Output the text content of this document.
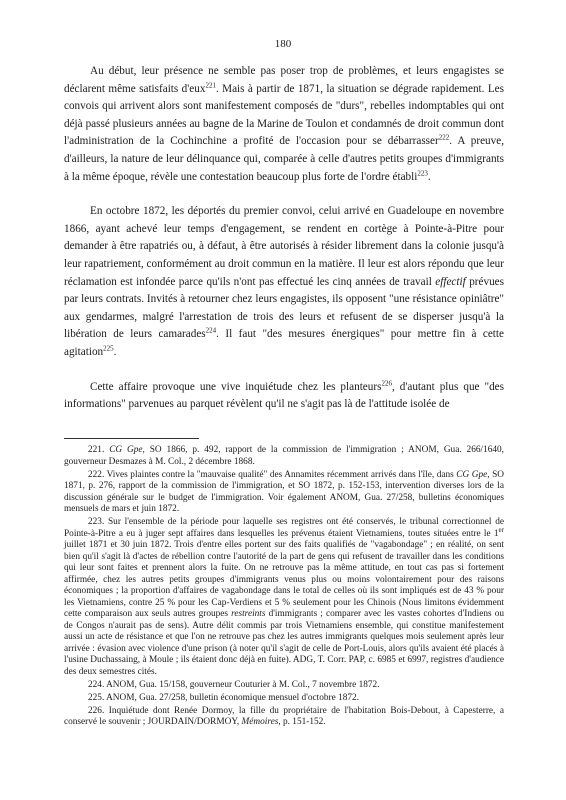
180

Au début, leur présence ne semble pas poser trop de problèmes, et leurs engagistes se déclarent même satisfaits d'eux$^{221}$. Mais à partir de 1871, la situation se dégrade rapidement. Les convois qui arrivent alors sont manifestement composés de "durs", rebelles indomptables qui ont déjà passé plusieurs années au bagne de la Marine de Toulon et condamnés de droit commun dont l'administration de la Cochinchine a profité de l'occasion pour se débarrasser$^{222}$. A preuve, d'ailleurs, la nature de leur délinquance qui, comparée à celle d'autres petits groupes d'immigrants à la même époque, révèle une contestation beaucoup plus forte de l'ordre établi$^{223}$.

En octobre 1872, les déportés du premier convoi, celui arrivé en Guadeloupe en novembre 1866, ayant achevé leur temps d'engagement, se rendent en cortège à Pointe-à-Pitre pour demander à être rapatriés ou, à défaut, à être autorisés à résider librement dans la colonie jusqu'à leur rapatriement, conformément au droit commun en la matière. Il leur est alors répondu que leur réclamation est infondée parce qu'ils n'ont pas effectué les cinq années de travail effectif prévues par leurs contrats. Invités à retourner chez leurs engagistes, ils opposent "une résistance opiniâtre" aux gendarmes, malgré l'arrestation de trois des leurs et refusent de se disperser jusqu'à la libération de leurs camarades$^{224}$. Il faut "des mesures énergiques" pour mettre fin à cette agitation$^{225}$.

Cette affaire provoque une vive inquiétude chez les planteurs$^{226}$, d'autant plus que "des informations" parvenues au parquet révèlent qu'il ne s'agit pas là de l'attitude isolée de

221. CG Gpe, SO 1866, p. 492, rapport de la commission de l'immigration ; ANOM, Gua. 266/1640, gouverneur Desmazes à M. Col., 2 décembre 1868.

222. Vives plaintes contre la "mauvaise qualité" des Annamites récemment arrivés dans l'île, dans CG Gpe, SO 1871, p. 276, rapport de la commission de l'immigration, et SO 1872, p. 152-153, intervention diverses lors de la discussion générale sur le budget de l'immigration. Voir également ANOM, Gua. 27/258, bulletins économiques mensuels de mars et juin 1872.

223. Sur l'ensemble de la période pour laquelle ses registres ont été conservés, le tribunal correctionnel de Pointe-à-Pitre a eu à juger sept affaires dans lesquelles les prévenus étaient Vietnamiens, toutes situées entre le 1er juillet 1871 et 30 juin 1872. Trois d'entre elles portent sur des faits qualifiés de "vagabondage" ; en réalité, on sent bien qu'il s'agit là d'actes de rébellion contre l'autorité de la part de gens qui refusent de travailler dans les conditions qui leur sont faites et prennent alors la fuite. On ne retrouve pas la même attitude, en tout cas pas si fortement affirmée, chez les autres petits groupes d'immigrants venus plus ou moins volontairement pour des raisons économiques ; la proportion d'affaires de vagabondage dans le total de celles où ils sont impliqués est de 43 % pour les Vietnamiens, contre 25 % pour les Cap-Verdiens et 5 % seulement pour les Chinois (Nous limitons évidemment cette comparaison aux seuls autres groupes restreints d'immigrants ; comparer avec les vastes cohortes d'Indiens ou de Congos n'aurait pas de sens). Autre délit commis par trois Vietnamiens ensemble, qui constitue manifestement aussi un acte de résistance et que l'on ne retrouve pas chez les autres immigrants quelques mois seulement après leur arrivée : évasion avec violence d'une prison (à noter qu'il s'agit de celle de Port-Louis, alors qu'ils avaient été placés à l'usine Duchassaing, à Moule ; ils étaient donc déjà en fuite). ADG, T. Corr. PAP, c. 6985 et 6997, registres d'audience des deux semestres cités.

224. ANOM, Gua. 15/158, gouverneur Couturier à M. Col., 7 novembre 1872.

225. ANOM, Gua. 27/258, bulletin économique mensuel d'octobre 1872.

226. Inquiétude dont Renée Dormoy, la fille du propriétaire de l'habitation Bois-Debout, à Capesterre, a conservé le souvenir ; JOURDAIN/DORMOY, Mémoires, p. 151-152.
